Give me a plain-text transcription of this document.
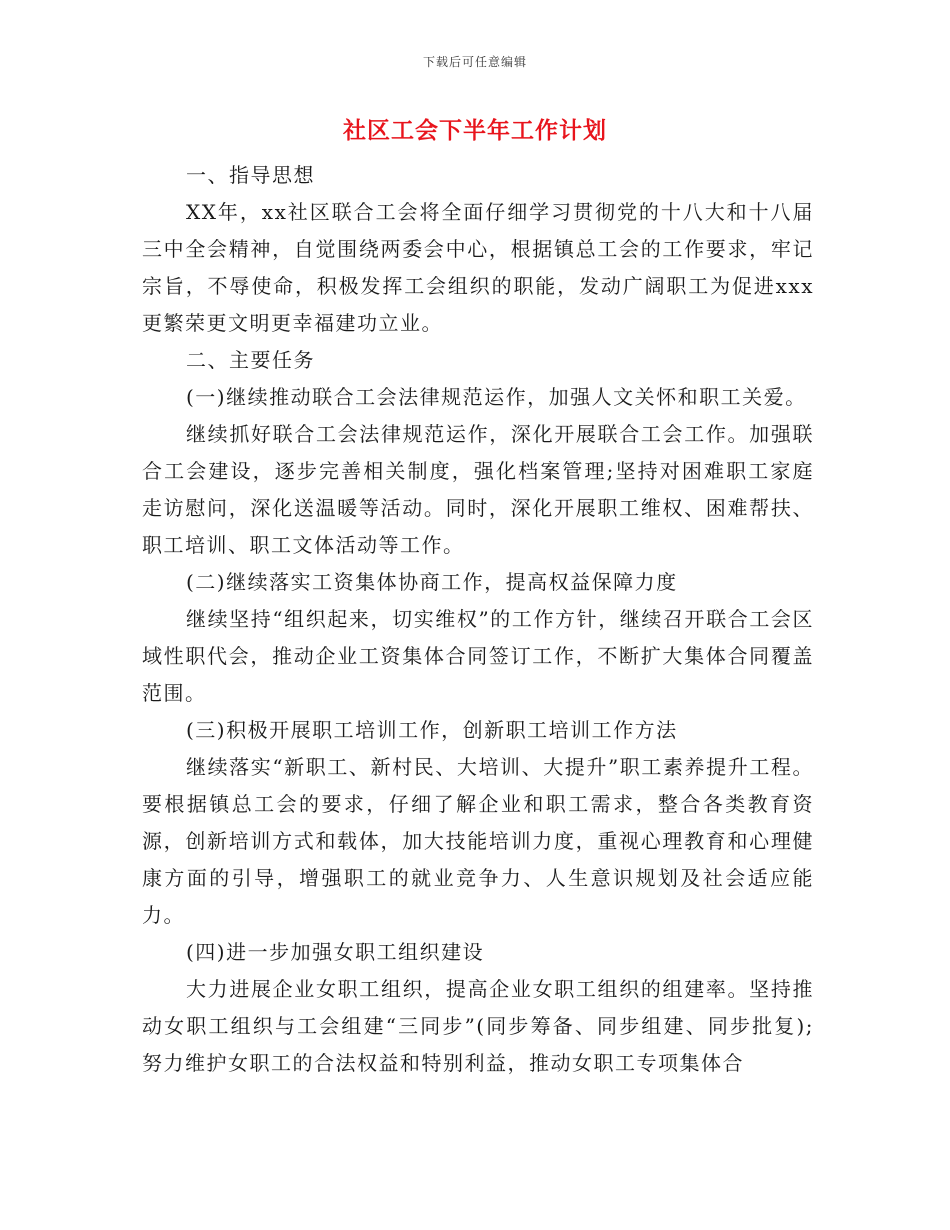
下载后可任意编辑
社区工会下半年工作计划

一、指导思想

XX年，xx社区联合工会将全面仔细学习贯彻党的十八大和十八届三中全会精神，自觉围绕两委会中心，根据镇总工会的工作要求，牢记宗旨，不辱使命，积极发挥工会组织的职能，发动广阔职工为促进xxx更繁荣更文明更幸福建功立业。

二、主要任务

(一)继续推动联合工会法律规范运作，加强人文关怀和职工关爱。

继续抓好联合工会法律规范运作，深化开展联合工会工作。加强联合工会建设，逐步完善相关制度，强化档案管理;坚持对困难职工家庭走访慰问，深化送温暖等活动。同时，深化开展职工维权、困难帮扶、职工培训、职工文体活动等工作。

(二)继续落实工资集体协商工作，提高权益保障力度

继续坚持“组织起来，切实维权”的工作方针，继续召开联合工会区域性职代会，推动企业工资集体合同签订工作，不断扩大集体合同覆盖范围。

(三)积极开展职工培训工作，创新职工培训工作方法

继续落实“新职工、新村民、大培训、大提升”职工素养提升工程。要根据镇总工会的要求，仔细了解企业和职工需求，整合各类教育资源，创新培训方式和载体，加大技能培训力度，重视心理教育和心理健康方面的引导，增强职工的就业竞争力、人生意识规划及社会适应能力。

(四)进一步加强女职工组织建设

大力进展企业女职工组织，提高企业女职工组织的组建率。坚持推动女职工组织与工会组建“三同步”(同步筹备、同步组建、同步批复);努力维护女职工的合法权益和特别利益，推动女职工专项集体合
